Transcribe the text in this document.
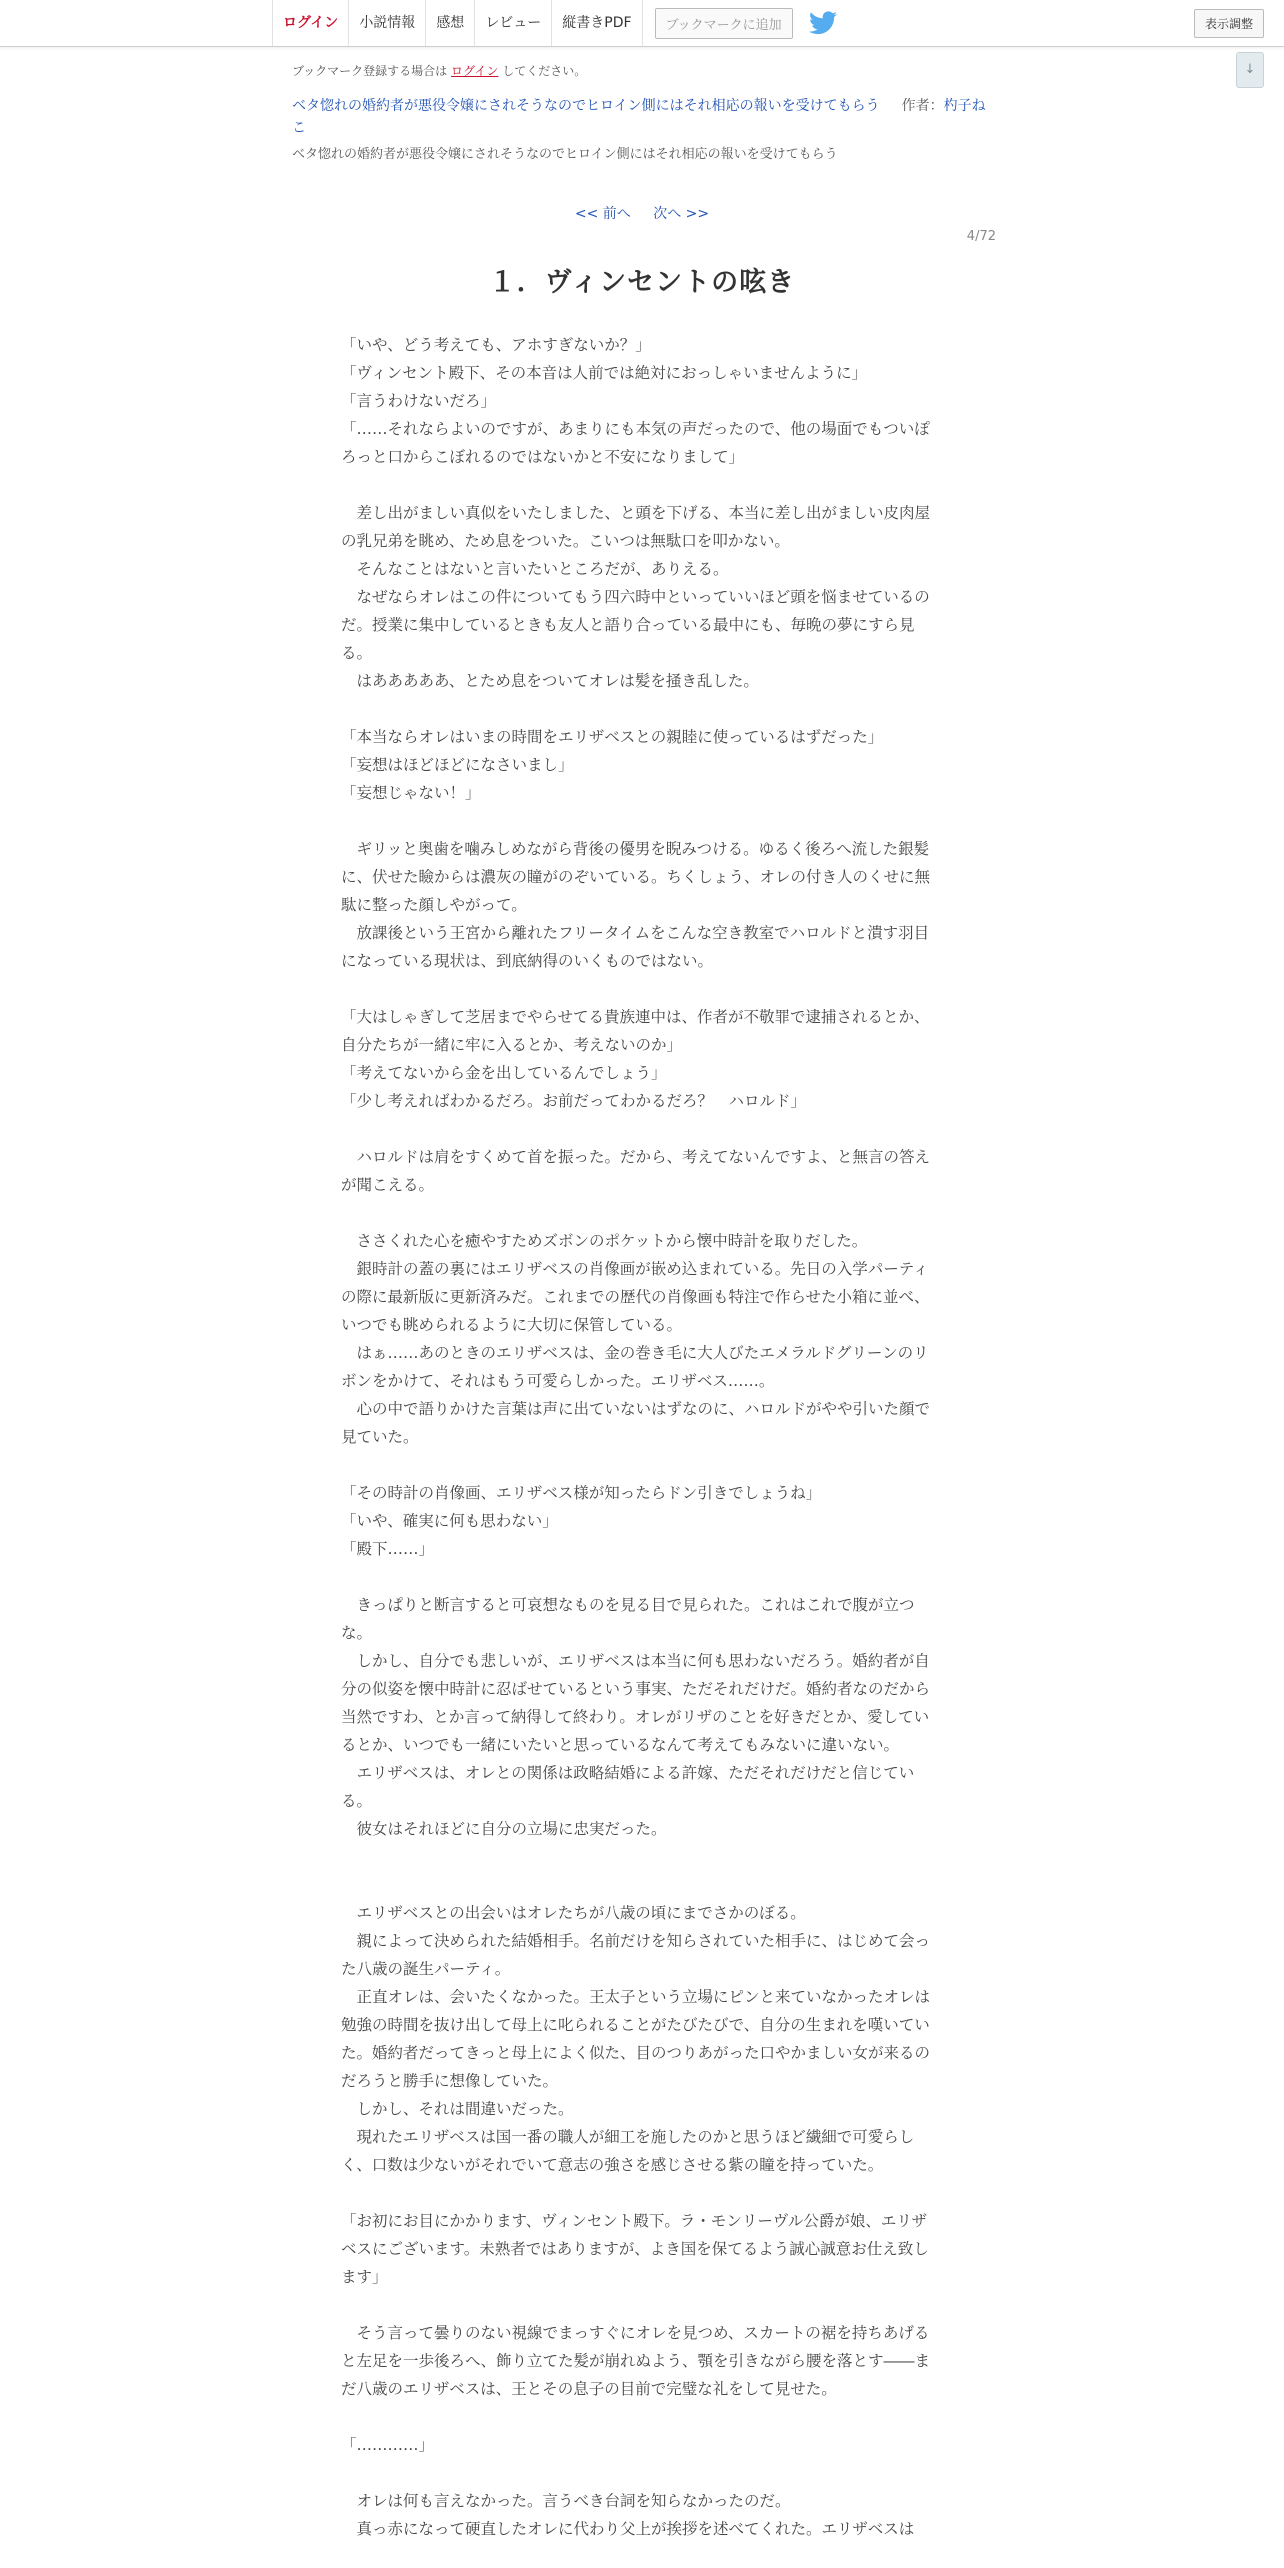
ログイン	小説情報	感想	レビュー	縦書きPDF	ブックマークに追加	表示調整
↓
ブックマーク登録する場合は ログイン してください。
ベタ惚れの婚約者が悪役令嬢にされそうなのでヒロイン側にはそれ相応の報いを受けてもらう 作者：杓子ねこ
ベタ惚れの婚約者が悪役令嬢にされそうなのでヒロイン側にはそれ相応の報いを受けてもらう
<< 前へ 次へ >>
4/72
１．ヴィンセントの呟き

「いや、どう考えても、アホすぎないか？」

「ヴィンセント殿下、その本音は人前では絶対におっしゃいませんように」

「言うわけないだろ」

「……それならよいのですが、あまりにも本気の声だったので、他の場面でもついぽろっと口からこぼれるのではないかと不安になりまして」

　差し出がましい真似をいたしました、と頭を下げる、本当に差し出がましい皮肉屋の乳兄弟を眺め、ため息をついた。こいつは無駄口を叩かない。

　そんなことはないと言いたいところだが、ありえる。

　なぜならオレはこの件についてもう四六時中といっていいほど頭を悩ませているのだ。授業に集中しているときも友人と語り合っている最中にも、毎晩の夢にすら見る。

　はあああああ、とため息をついてオレは髪を掻き乱した。

「本当ならオレはいまの時間をエリザベスとの親睦に使っているはずだった」

「妄想はほどほどになさいまし」

「妄想じゃない！」

　ギリッと奥歯を噛みしめながら背後の優男を睨みつける。ゆるく後ろへ流した銀髪に、伏せた瞼からは濃灰の瞳がのぞいている。ちくしょう、オレの付き人のくせに無駄に整った顔しやがって。

　放課後という王宮から離れたフリータイムをこんな空き教室でハロルドと潰す羽目になっている現状は、到底納得のいくものではない。

「大はしゃぎして芝居までやらせてる貴族連中は、作者が不敬罪で逮捕されるとか、自分たちが一緒に牢に入るとか、考えないのか」

「考えてないから金を出しているんでしょう」

「少し考えればわかるだろ。お前だってわかるだろ？　ハロルド」

　ハロルドは肩をすくめて首を振った。だから、考えてないんですよ、と無言の答えが聞こえる。

　ささくれた心を癒やすためズボンのポケットから懐中時計を取りだした。

　銀時計の蓋の裏にはエリザベスの肖像画が嵌め込まれている。先日の入学パーティの際に最新版に更新済みだ。これまでの歴代の肖像画も特注で作らせた小箱に並べ、いつでも眺められるように大切に保管している。

　はぁ……あのときのエリザベスは、金の巻き毛に大人びたエメラルドグリーンのリボンをかけて、それはもう可愛らしかった。エリザベス……。

　心の中で語りかけた言葉は声に出ていないはずなのに、ハロルドがやや引いた顔で見ていた。

「その時計の肖像画、エリザベス様が知ったらドン引きでしょうね」

「いや、確実に何も思わない」

「殿下……」

　きっぱりと断言すると可哀想なものを見る目で見られた。これはこれで腹が立つな。

　しかし、自分でも悲しいが、エリザベスは本当に何も思わないだろう。婚約者が自分の似姿を懐中時計に忍ばせているという事実、ただそれだけだ。婚約者なのだから当然ですわ、とか言って納得して終わり。オレがリザのことを好きだとか、愛しているとか、いつでも一緒にいたいと思っているなんて考えてもみないに違いない。

　エリザベスは、オレとの関係は政略結婚による許嫁、ただそれだけだと信じている。

　彼女はそれほどに自分の立場に忠実だった。

　エリザベスとの出会いはオレたちが八歳の頃にまでさかのぼる。

　親によって決められた結婚相手。名前だけを知らされていた相手に、はじめて会った八歳の誕生パーティ。

　正直オレは、会いたくなかった。王太子という立場にピンと来ていなかったオレは勉強の時間を抜け出して母上に叱られることがたびたびで、自分の生まれを嘆いていた。婚約者だってきっと母上によく似た、目のつりあがった口やかましい女が来るのだろうと勝手に想像していた。

　しかし、それは間違いだった。

　現れたエリザベスは国一番の職人が細工を施したのかと思うほど繊細で可愛らしく、口数は少ないがそれでいて意志の強さを感じさせる紫の瞳を持っていた。

「お初にお目にかかります、ヴィンセント殿下。ラ・モンリーヴル公爵が娘、エリザベスにございます。未熟者ではありますが、よき国を保てるよう誠心誠意お仕え致します」

　そう言って曇りのない視線でまっすぐにオレを見つめ、スカートの裾を持ちあげると左足を一歩後ろへ、飾り立てた髪が崩れぬよう、顎を引きながら腰を落とす――まだ八歳のエリザベスは、王とその息子の目前で完璧な礼をして見せた。

「…………」

　オレは何も言えなかった。言うべき台詞を知らなかったのだ。

　真っ赤になって硬直したオレに代わり父上が挨拶を述べてくれた。エリザベスは
